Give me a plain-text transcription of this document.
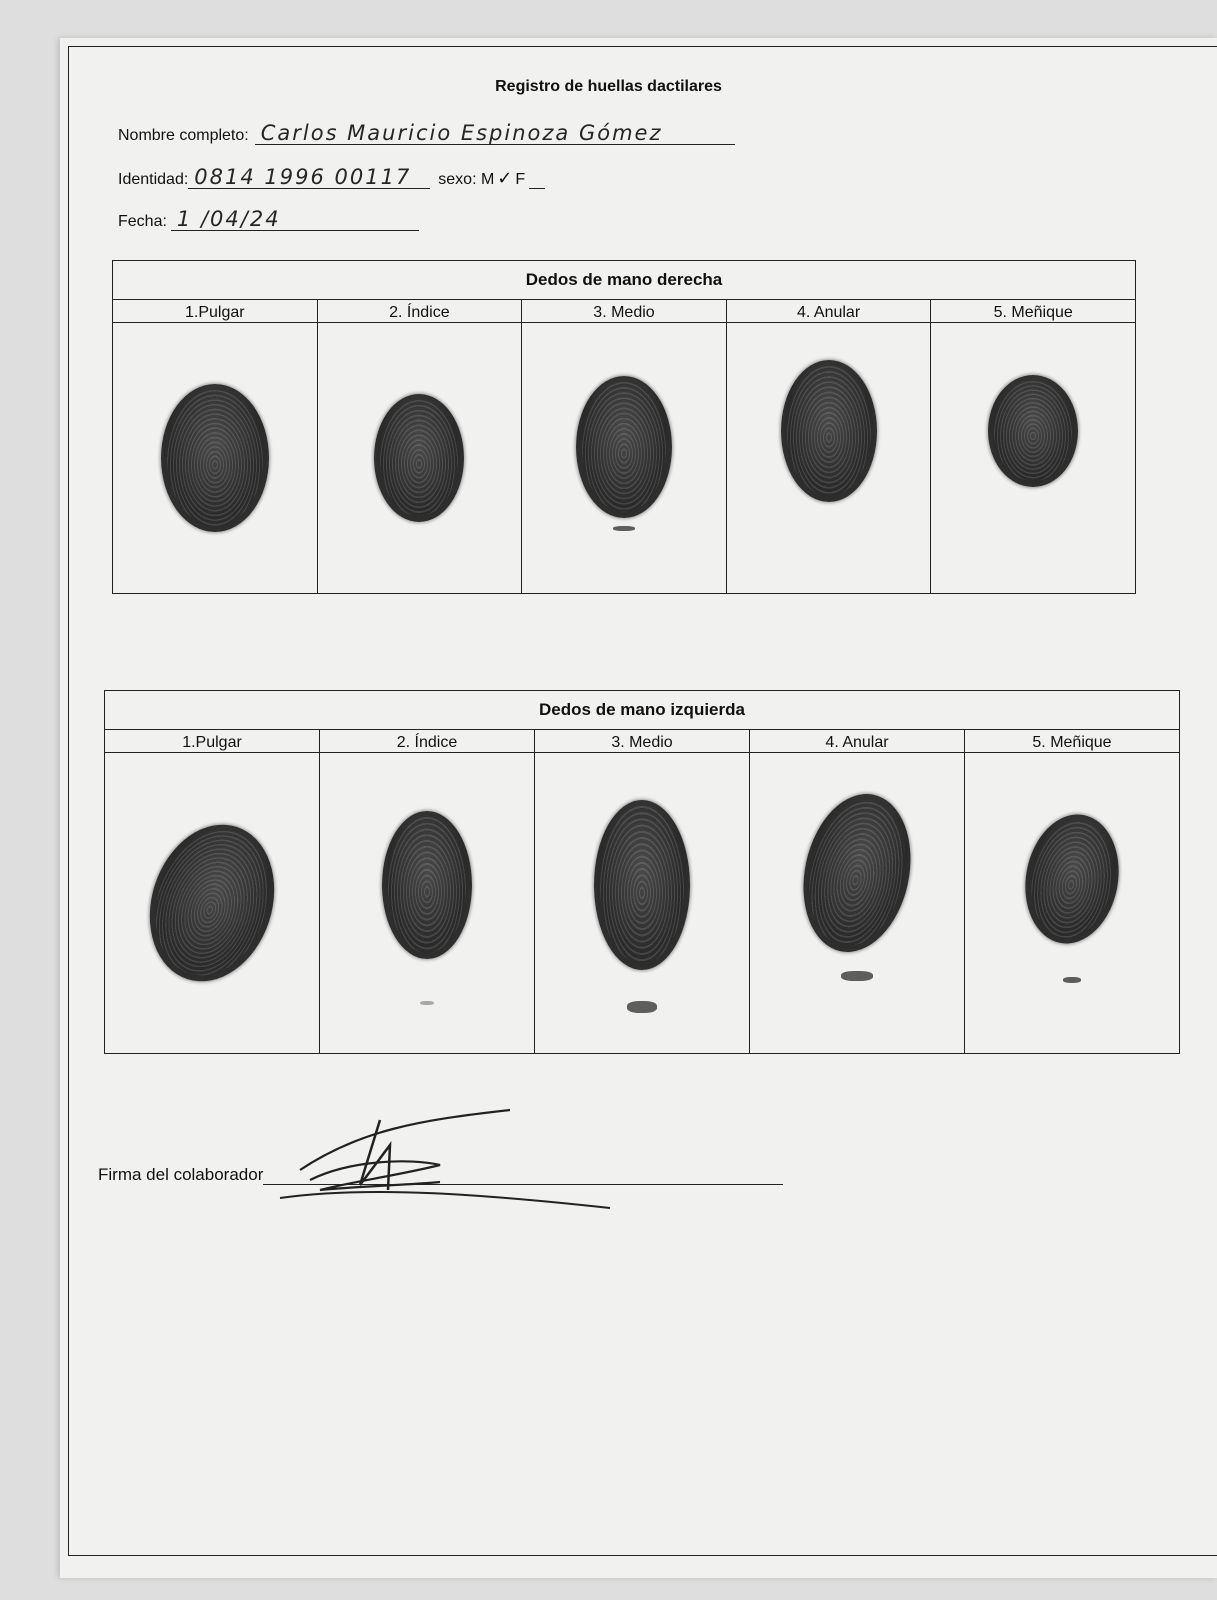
Registro de huellas dactilares
Nombre completo: Carlos Mauricio Espinoza Gómez
Identidad: 0814 1996 00117	sexo: M ✓ F
Fecha: 1 /04/24
Dedos de mano derecha				
1.Pulgar	2. Índice	3. Medio	4. Anular	5. Meñique

Dedos de mano izquierda				
1.Pulgar	2. Índice	3. Medio	4. Anular	5. Meñique

Firma del colaborador
